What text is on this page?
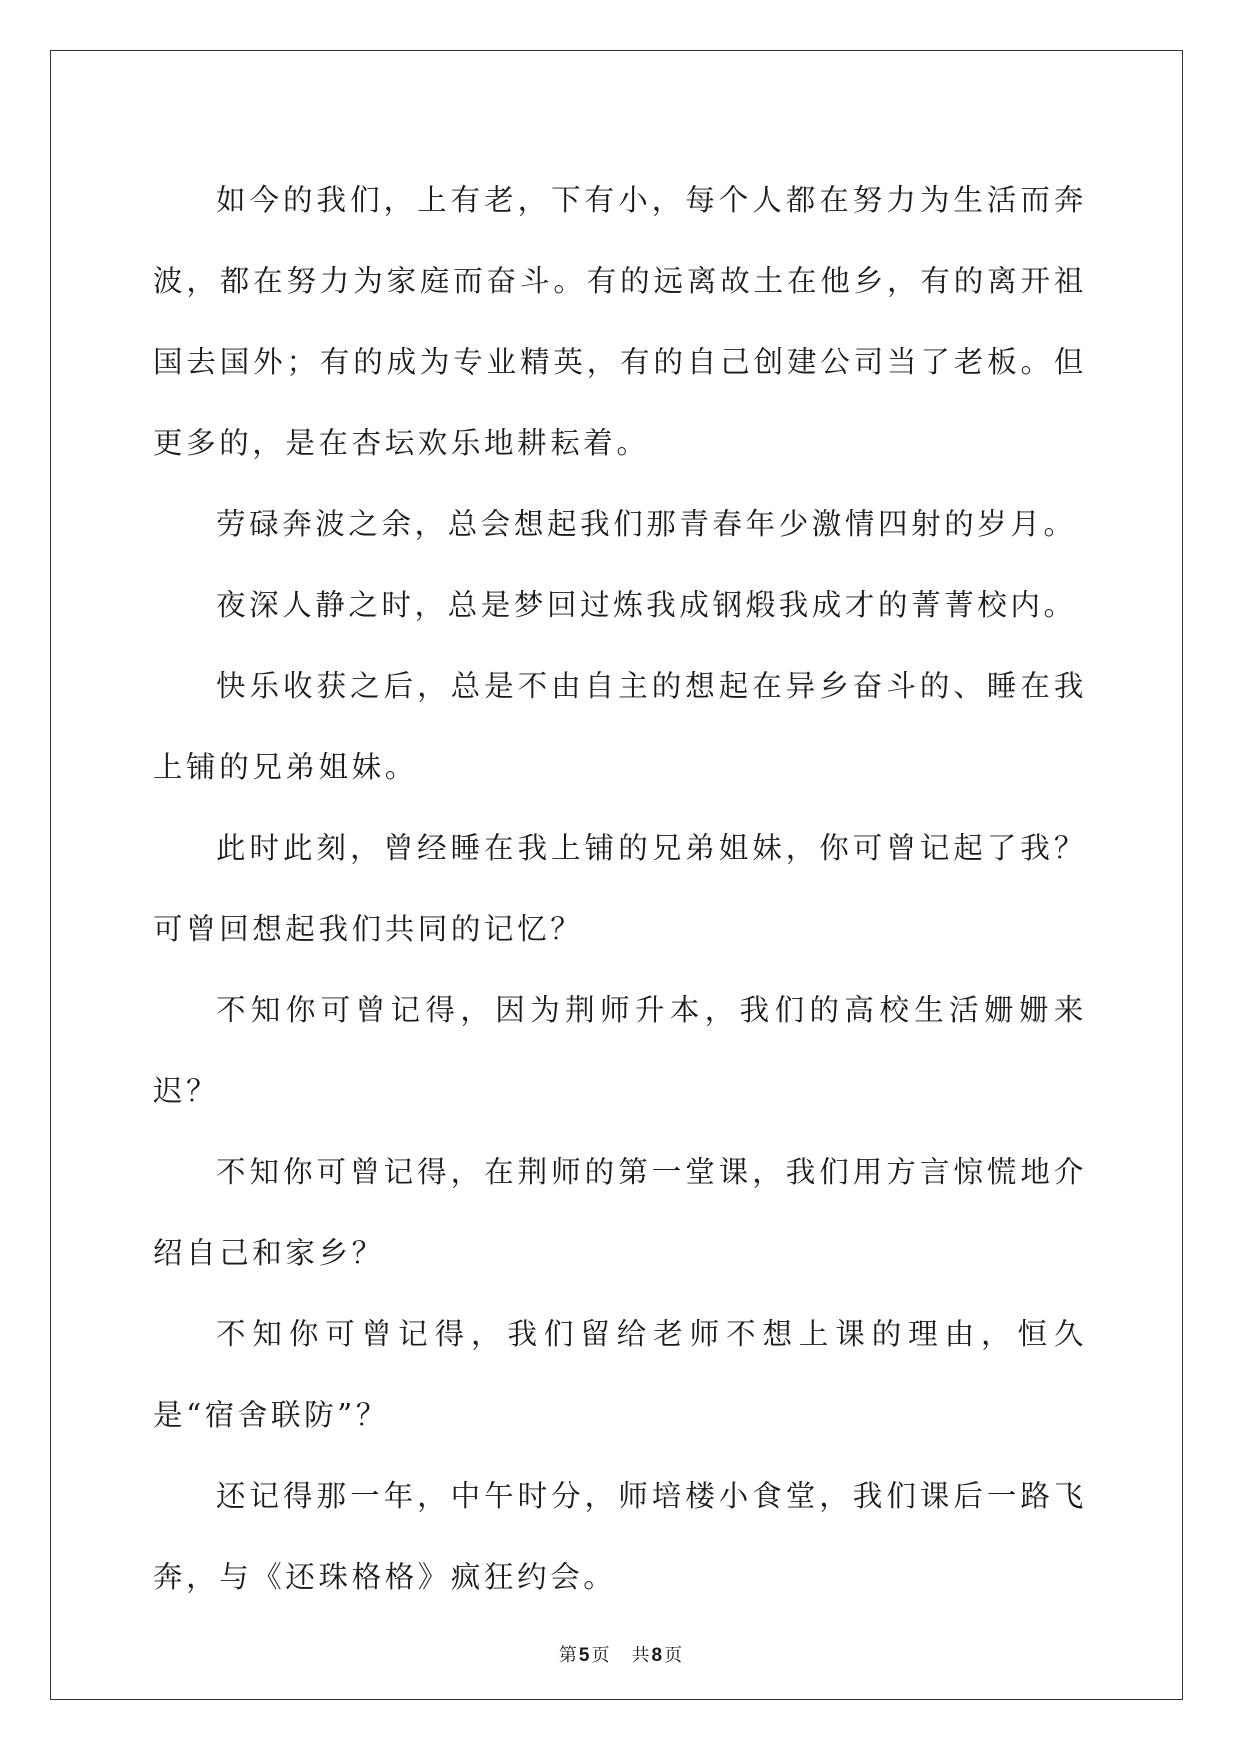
如今的我们，上有老，下有小，每个人都在努力为生活而奔波，都在努力为家庭而奋斗。有的远离故土在他乡，有的离开祖国去国外；有的成为专业精英，有的自己创建公司当了老板。但更多的，是在杏坛欢乐地耕耘着。

劳碌奔波之余，总会想起我们那青春年少激情四射的岁月。

夜深人静之时，总是梦回过炼我成钢煅我成才的菁菁校内。

快乐收获之后，总是不由自主的想起在异乡奋斗的、睡在我上铺的兄弟姐妹。

此时此刻，曾经睡在我上铺的兄弟姐妹，你可曾记起了我？可曾回想起我们共同的记忆？

不知你可曾记得，因为荆师升本，我们的高校生活姗姗来迟？

不知你可曾记得，在荆师的第一堂课，我们用方言惊慌地介绍自己和家乡？

不知你可曾记得，我们留给老师不想上课的理由，恒久是“宿舍联防”？

还记得那一年，中午时分，师培楼小食堂，我们课后一路飞奔，与《还珠格格》疯狂约会。

第 5 页 共 8 页
